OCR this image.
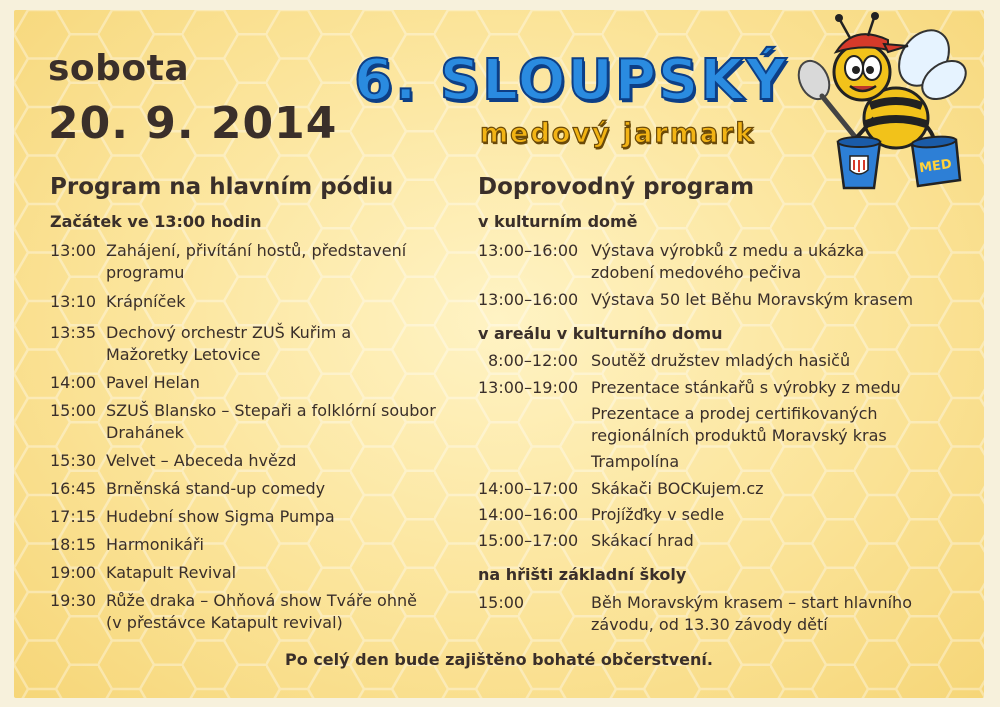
sobota
20. 9. 2014
6. SLOUPSKÝ
medový jarmark
MED
Program na hlavním pódiu
Začátek ve 13:00 hodin
13:00 Zahájení, přivítání hostů, představení programu
13:10 Krápníček
13:35 Dechový orchestr ZUŠ Kuřim a Mažoretky Letovice
14:00 Pavel Helan
15:00 SZUŠ Blansko – Stepaři a folklórní soubor Drahánek
15:30 Velvet – Abeceda hvězd
16:45 Brněnská stand-up comedy
17:15 Hudební show Sigma Pumpa
18:15 Harmonikáři
19:00 Katapult Revival
19:30 Růže draka – Ohňová show Tváře ohně (v přestávce Katapult revival)
Doprovodný program
v kulturním domě
13:00–16:00 Výstava výrobků z medu a ukázka zdobení medového pečiva
13:00–16:00 Výstava 50 let Běhu Moravským krasem
v areálu v kulturního domu
8:00–12:00 Soutěž družstev mladých hasičů
13:00–19:00 Prezentace stánkařů s výrobky z medu
Prezentace a prodej certifikovaných regionálních produktů Moravský kras
Trampolína
14:00–17:00 Skákači BOCKujem.cz
14:00–16:00 Projížďky v sedle
15:00–17:00 Skákací hrad
na hřišti základní školy
15:00	Běh Moravským krasem – start hlavního závodu, od 13.30 závody dětí
Po celý den bude zajištěno bohaté občerstvení.
